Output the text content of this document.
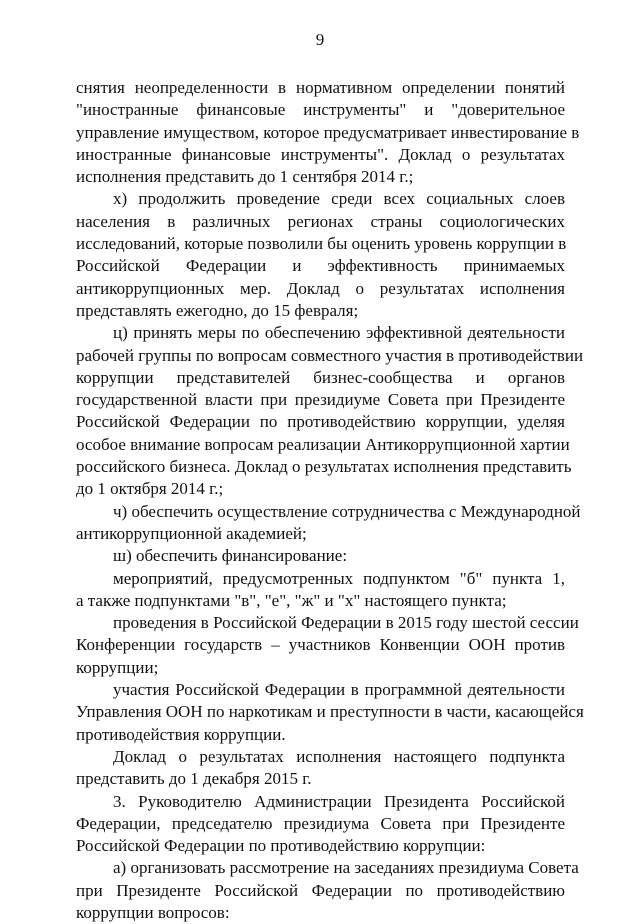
9
снятия неопределенности в нормативном определении понятий
"иностранные финансовые инструменты" и "доверительное
управление имуществом, которое предусматривает инвестирование в
иностранные финансовые инструменты". Доклад о результатах
исполнения представить до 1 сентября 2014 г.;
х) продолжить проведение среди всех социальных слоев
населения в различных регионах страны социологических
исследований, которые позволили бы оценить уровень коррупции в
Российской Федерации и эффективность принимаемых
антикоррупционных мер. Доклад о результатах исполнения
представлять ежегодно, до 15 февраля;
ц) принять меры по обеспечению эффективной деятельности
рабочей группы по вопросам совместного участия в противодействии
коррупции представителей бизнес-сообщества и органов
государственной власти при президиуме Совета при Президенте
Российской Федерации по противодействию коррупции, уделяя
особое внимание вопросам реализации Антикоррупционной хартии
российского бизнеса. Доклад о результатах исполнения представить
до 1 октября 2014 г.;
ч) обеспечить осуществление сотрудничества с Международной
антикоррупционной академией;
ш) обеспечить финансирование:
мероприятий, предусмотренных подпунктом "б" пункта 1,
а также подпунктами "в", "е", "ж" и "х" настоящего пункта;
проведения в Российской Федерации в 2015 году шестой сессии
Конференции государств – участников Конвенции ООН против
коррупции;
участия Российской Федерации в программной деятельности
Управления ООН по наркотикам и преступности в части, касающейся
противодействия коррупции.
Доклад о результатах исполнения настоящего подпункта
представить до 1 декабря 2015 г.
3. Руководителю Администрации Президента Российской
Федерации, председателю президиума Совета при Президенте
Российской Федерации по противодействию коррупции:
а) организовать рассмотрение на заседаниях президиума Совета
при Президенте Российской Федерации по противодействию
коррупции вопросов:
